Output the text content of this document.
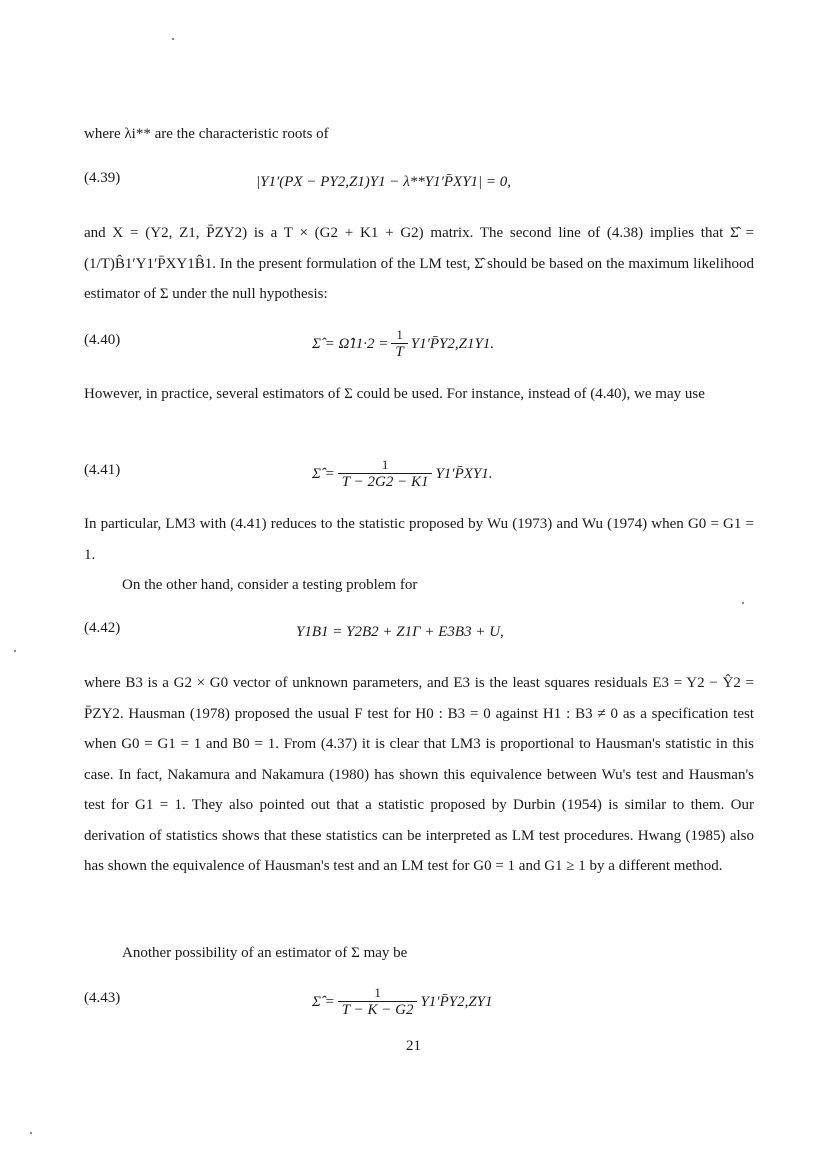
where λi** are the characteristic roots of
(4.39)	|Y1′(PX − PY2,Z1)Y1 − λ**Y1′P̄XY1| = 0,
and X = (Y2, Z1, P̄ZY2) is a T × (G2 + K1 + G2) matrix. The second line of (4.38) implies that Σ̂ = (1/T)B̂1′Y1′P̄XY1B̂1. In the present formulation of the LM test, Σ̂ should be based on the maximum likelihood estimator of Σ under the null hypothesis:
(4.40)	Σ̂ = Ω̂11·2 = $\frac{1}{T}$ Y1′P̄Y2,Z1Y1.
However, in practice, several estimators of Σ could be used. For instance, instead of (4.40), we may use
(4.41)	Σ̂ = $\frac{1}{T - 2G2 - K1}$ Y1′P̄XY1.
In particular, LM3 with (4.41) reduces to the statistic proposed by Wu (1973) and Wu (1974) when G0 = G1 = 1.
On the other hand, consider a testing problem for
(4.42)	Y1B1 = Y2B2 + Z1Γ + E3B3 + U,
where B3 is a G2 × G0 vector of unknown parameters, and E3 is the least squares residuals E3 = Y2 − Ŷ2 = P̄ZY2. Hausman (1978) proposed the usual F test for H0 : B3 = 0 against H1 : B3 ≠ 0 as a specification test when G0 = G1 = 1 and B0 = 1. From (4.37) it is clear that LM3 is proportional to Hausman's statistic in this case. In fact, Nakamura and Nakamura (1980) has shown this equivalence between Wu's test and Hausman's test for G1 = 1. They also pointed out that a statistic proposed by Durbin (1954) is similar to them. Our derivation of statistics shows that these statistics can be interpreted as LM test procedures. Hwang (1985) also has shown the equivalence of Hausman's test and an LM test for G0 = 1 and G1 ≥ 1 by a different method.
Another possibility of an estimator of Σ may be
(4.43)	Σ̂ = $\frac{1}{T - K - G2}$ Y1′P̄Y2,ZY1
21
